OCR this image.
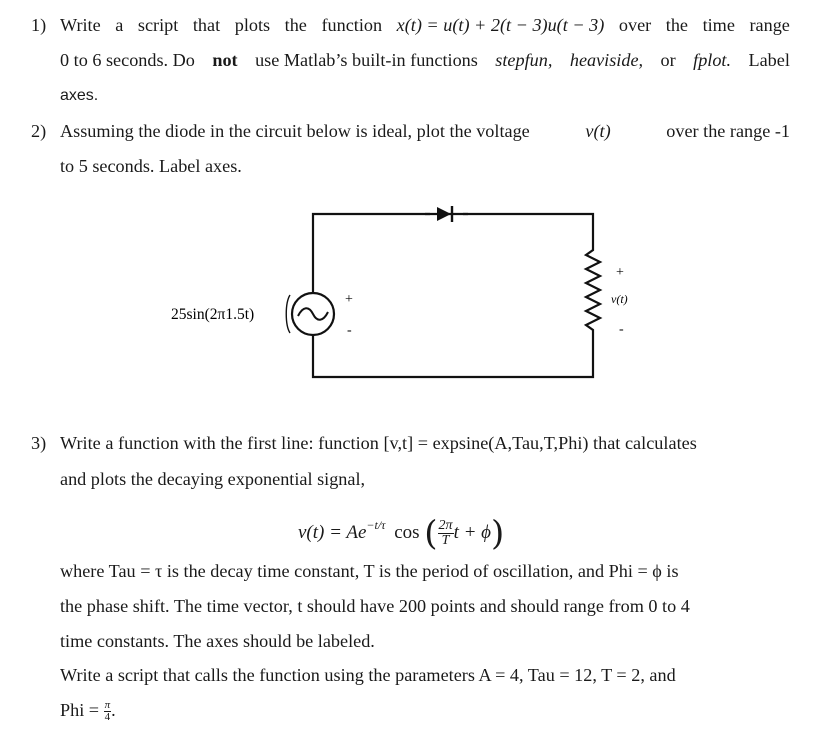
1) Write a script that plots the function x(t) = u(t) + 2(t − 3)u(t − 3) over the time range
0 to 6 seconds. Do not use Matlab’s built-in functions stepfun, heaviside, or fplot. Label
axes.
2) Assuming the diode in the circuit below is ideal, plot the voltage	v(t)	over the range -1
to 5 seconds. Label axes.
25sin(2π1.5t)
+
-
+
v(t)
-
3) Write a function with the first line: function [v,t] = expsine(A,Tau,T,Phi) that calculates
and plots the decaying exponential signal,
$v(t) = Ae^{-t/\tau}$ cos ( $\frac{2\pi}{T}$ t + ϕ)
where Tau = τ is the decay time constant, T is the period of oscillation, and Phi = ϕ is
the phase shift. The time vector, t should have 200 points and should range from 0 to 4
time constants. The axes should be labeled.
Write a script that calls the function using the parameters A = 4, Tau = 12, T = 2, and
Phi = $\frac{\pi}{4}$ .
